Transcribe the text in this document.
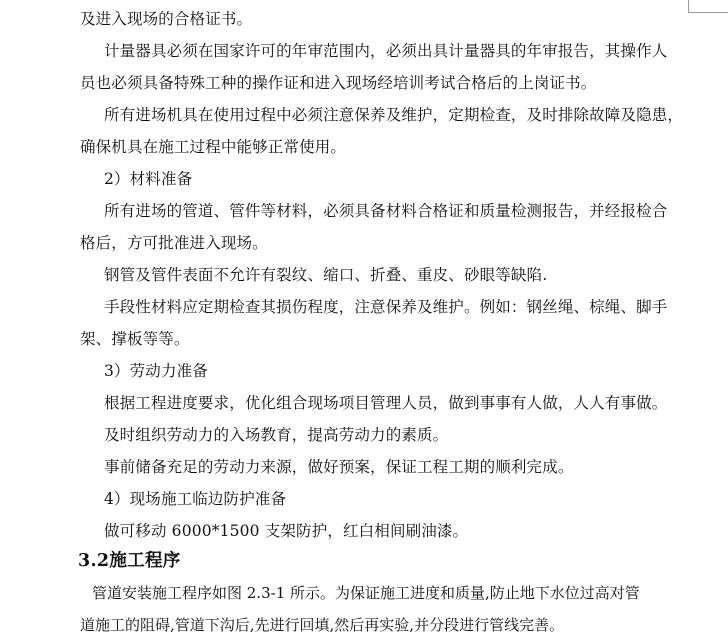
及进入现场的合格证书。
计量器具必须在国家许可的年审范围内，必须出具计量器具的年审报告，其操作人
员也必须具备特殊工种的操作证和进入现场经培训考试合格后的上岗证书。
所有进场机具在使用过程中必须注意保养及维护，定期检查，及时排除故障及隐患，
确保机具在施工过程中能够正常使用。
2）材料准备
所有进场的管道、管件等材料，必须具备材料合格证和质量检测报告，并经报检合
格后，方可批准进入现场。
钢管及管件表面不允许有裂纹、缩口、折叠、重皮、砂眼等缺陷.
手段性材料应定期检查其损伤程度，注意保养及维护。例如：钢丝绳、棕绳、脚手
架、撑板等等。
3）劳动力准备
根据工程进度要求，优化组合现场项目管理人员，做到事事有人做，人人有事做。
及时组织劳动力的入场教育，提高劳动力的素质。
事前储备充足的劳动力来源，做好预案，保证工程工期的顺利完成。
4）现场施工临边防护准备
做可移动 6000*1500 支架防护，红白相间刷油漆。
3.2施工程序
管道安装施工程序如图 2.3-1 所示。为保证施工进度和质量,防止地下水位过高对管
道施工的阻碍,管道下沟后,先进行回填,然后再实验,并分段进行管线完善。
